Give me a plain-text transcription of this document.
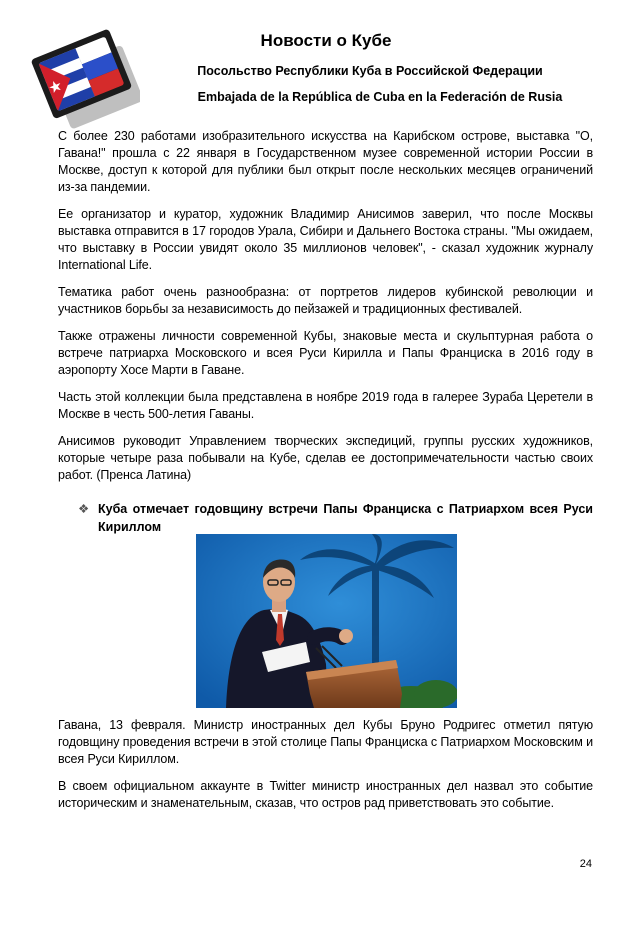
Новости о Кубе
Посольство Республики Куба в Российской Федерации
Embajada de la República de Cuba en la Federación de Rusia

С более 230 работами изобразительного искусства на Карибском острове, выставка "О, Гавана!" прошла с 22 января в Государственном музее современной истории России в Москве, доступ к которой для публики был открыт после нескольких месяцев ограничений из-за пандемии.

Ее организатор и куратор, художник Владимир Анисимов заверил, что после Москвы выставка отправится в 17 городов Урала, Сибири и Дальнего Востока страны. "Мы ожидаем, что выставку в России увидят около 35 миллионов человек", - сказал художник журналу International Life.

Тематика работ очень разнообразна: от портретов лидеров кубинской революции и участников борьбы за независимость до пейзажей и традиционных фестивалей.

Также отражены личности современной Кубы, знаковые места и скульптурная работа о встрече патриарха Московского и всея Руси Кирилла и Папы Франциска в 2016 году в аэропорту Хосе Марти в Гаване.

Часть этой коллекции была представлена в ноябре 2019 года в галерее Зураба Церетели в Москве в честь 500-летия Гаваны.

Анисимов руководит Управлением творческих экспедиций, группы русских художников, которые четыре раза побывали на Кубе, сделав ее достопримечательности частью своих работ. (Пренса Латина)

❖ Куба отмечает годовщину встречи Папы Франциска с Патриархом всея Руси Кириллом

Гавана, 13 февраля. Министр иностранных дел Кубы Бруно Родригес отметил пятую годовщину проведения встречи в этой столице Папы Франциска с Патриархом Московским и всея Руси Кириллом.

В своем официальном аккаунте в Twitter министр иностранных дел назвал это событие историческим и знаменательным, сказав, что остров рад приветствовать это событие.

24
